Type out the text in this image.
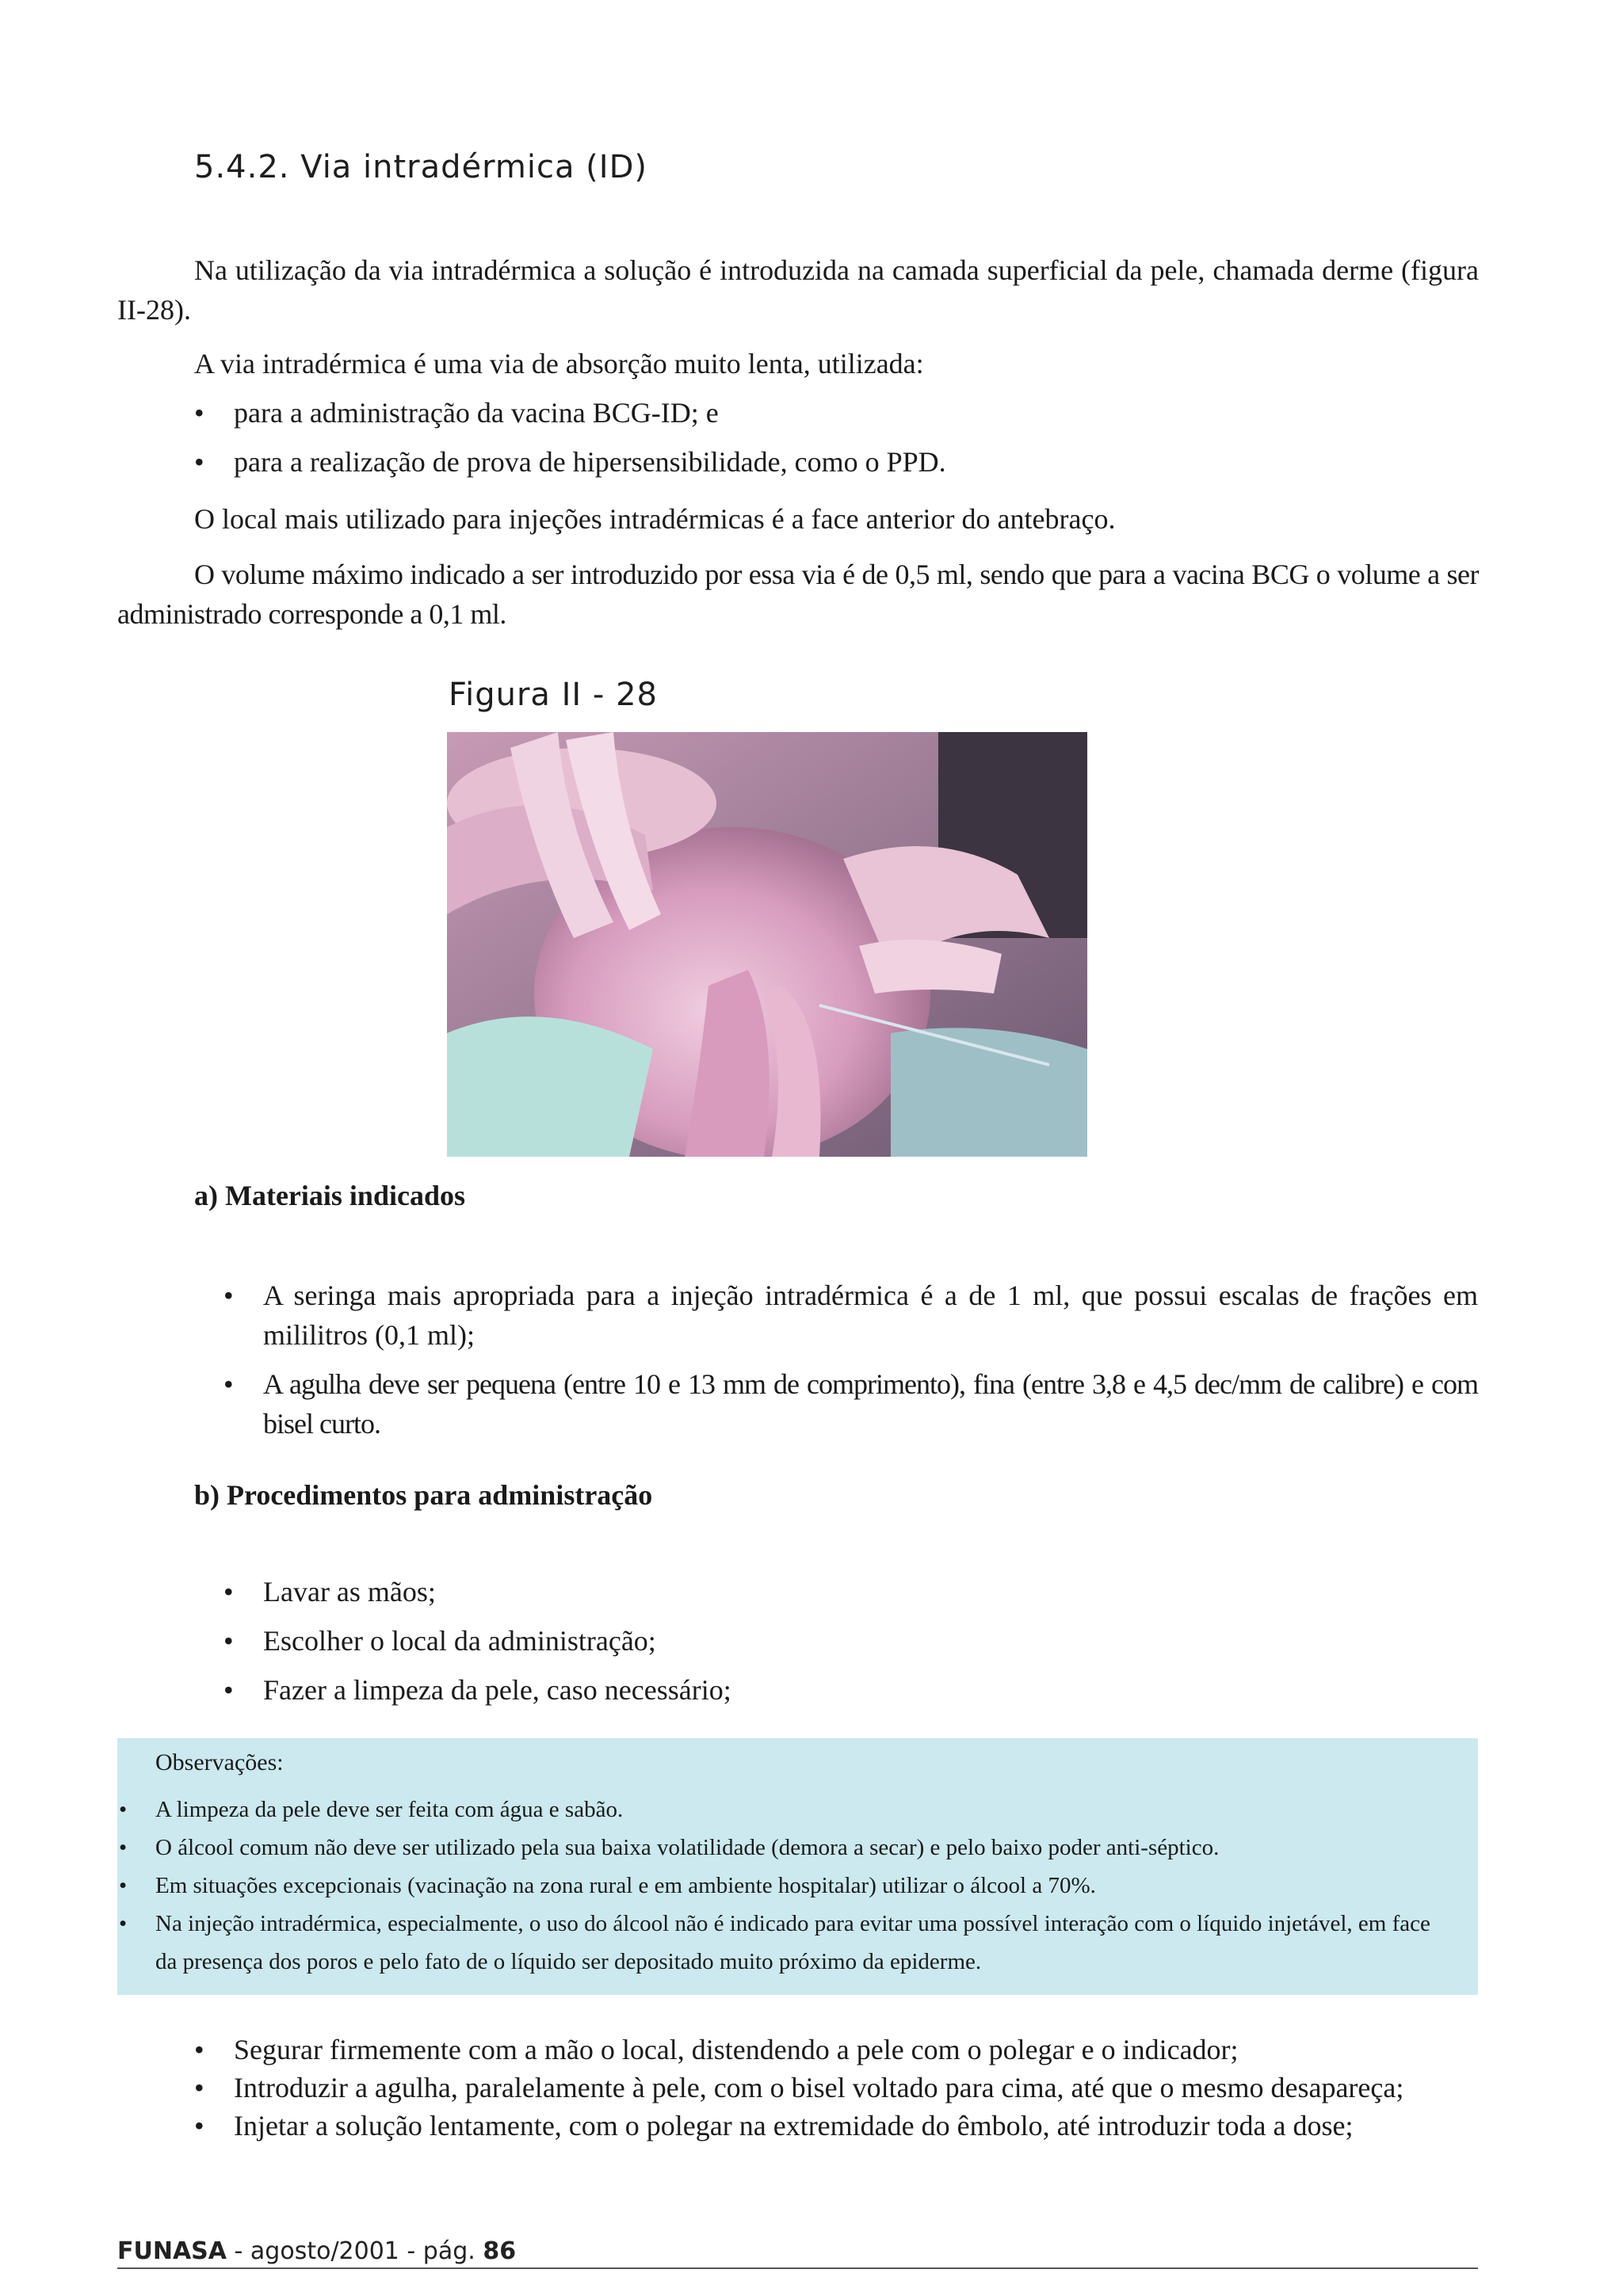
5.4.2. Via intradérmica (ID)
Na utilização da via intradérmica a solução é introduzida na camada superficial da pele, chamada derme (figura II-28).
A via intradérmica é uma via de absorção muito lenta, utilizada:
•	para a administração da vacina BCG-ID; e
•	para a realização de prova de hipersensibilidade, como o PPD.
O local mais utilizado para injeções intradérmicas é a face anterior do antebraço.
O volume máximo indicado a ser introduzido por essa via é de 0,5 ml, sendo que para a vacina BCG o volume a ser administrado corresponde a 0,1 ml.
Figura II - 28
a) Materiais indicados
•	A seringa mais apropriada para a injeção intradérmica é a de 1 ml, que possui escalas de frações em mililitros (0,1 ml);
•	A agulha deve ser pequena (entre 10 e 13 mm de comprimento), fina (entre 3,8 e 4,5 dec/mm de calibre) e com bisel curto.
b) Procedimentos para administração
•	Lavar as mãos;
•	Escolher o local da administração;
•	Fazer a limpeza da pele, caso necessário;
Observações:
• A limpeza da pele deve ser feita com água e sabão.
• O álcool comum não deve ser utilizado pela sua baixa volatilidade (demora a secar) e pelo baixo poder anti-séptico.
• Em situações excepcionais (vacinação na zona rural e em ambiente hospitalar) utilizar o álcool a 70%.
• Na injeção intradérmica, especialmente, o uso do álcool não é indicado para evitar uma possível interação com o líquido injetável, em face da presença dos poros e pelo fato de o líquido ser depositado muito próximo da epiderme.
•	Segurar firmemente com a mão o local, distendendo a pele com o polegar e o indicador;
•	Introduzir a agulha, paralelamente à pele, com o bisel voltado para cima, até que o mesmo desapareça;
•	Injetar a solução lentamente, com o polegar na extremidade do êmbolo, até introduzir toda a dose;
FUNASA - agosto/2001 - pág. 86
